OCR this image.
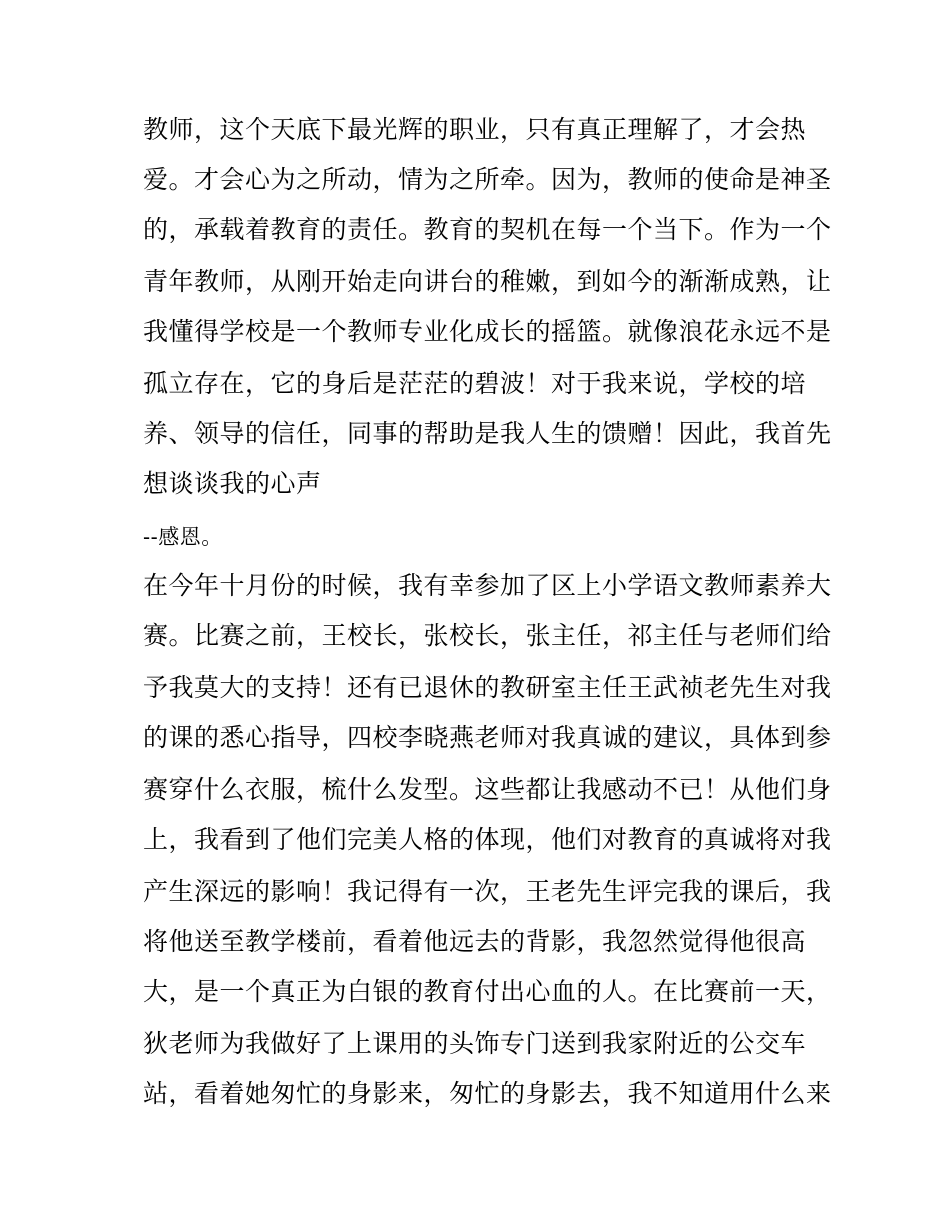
教师，这个天底下最光辉的职业，只有真正理解了，才会热
爱。才会心为之所动，情为之所牵。因为，教师的使命是神圣
的，承载着教育的责任。教育的契机在每一个当下。作为一个
青年教师，从刚开始走向讲台的稚嫩，到如今的渐渐成熟，让
我懂得学校是一个教师专业化成长的摇篮。就像浪花永远不是
孤立存在，它的身后是茫茫的碧波！对于我来说，学校的培
养、领导的信任，同事的帮助是我人生的馈赠！因此，我首先
想谈谈我的心声
--感恩。
在今年十月份的时候，我有幸参加了区上小学语文教师素养大
赛。比赛之前，王校长，张校长，张主任，祁主任与老师们给
予我莫大的支持！还有已退休的教研室主任王武祯老先生对我
的课的悉心指导，四校李晓燕老师对我真诚的建议，具体到参
赛穿什么衣服，梳什么发型。这些都让我感动不已！从他们身
上，我看到了他们完美人格的体现，他们对教育的真诚将对我
产生深远的影响！我记得有一次，王老先生评完我的课后，我
将他送至教学楼前，看着他远去的背影，我忽然觉得他很高
大，是一个真正为白银的教育付出心血的人。在比赛前一天，
狄老师为我做好了上课用的头饰专门送到我家附近的公交车
站，看着她匆忙的身影来，匆忙的身影去，我不知道用什么来
